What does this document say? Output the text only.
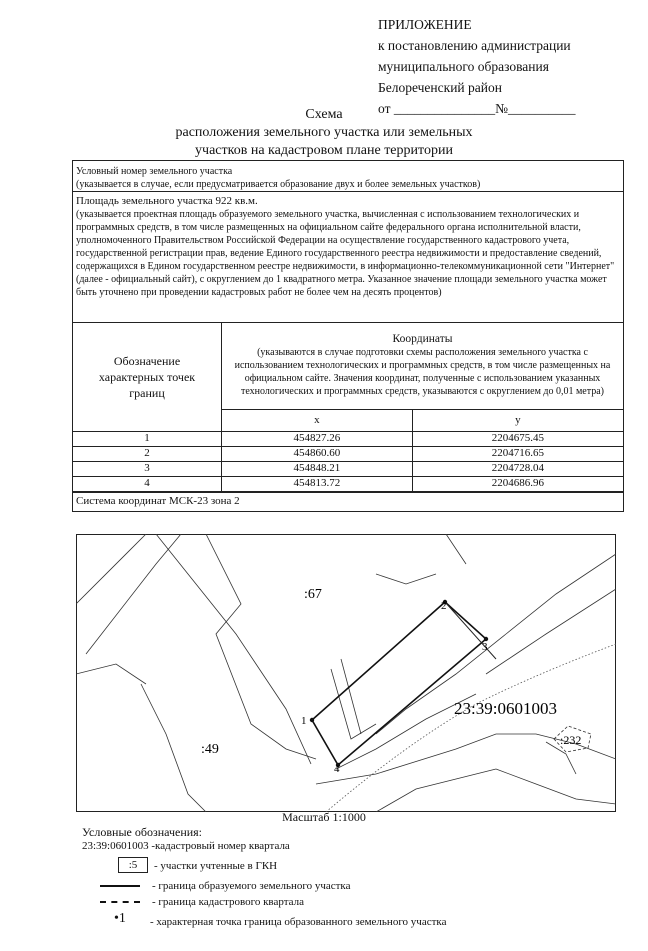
ПРИЛОЖЕНИЕ
к постановлению администрации
муниципального образования
Белореченский район
от _______________№__________
Схема
расположения земельного участка или земельных
участков на кадастровом плане территории
Условный номер земельного участка
(указывается в случае, если предусматривается образование двух и более земельных участков)
Площадь земельного участка 922 кв.м.
(указывается проектная площадь образуемого земельного участка, вычисленная с использованием технологических и программных средств, в том числе размещенных на официальном сайте федерального органа исполнительной власти, уполномоченного Правительством Российской Федерации на осуществление государственного кадастрового учета, государственной регистрации прав, ведение Единого государственного реестра недвижимости и предоставление сведений, содержащихся в Едином государственном реестре недвижимости, в информационно-телекоммуникационной сети "Интернет" (далее - официальный сайт), с округлением до 1 квадратного метра. Указанное значение площади земельного участка может быть уточнено при проведении кадастровых работ не более чем на десять процентов)
Обозначение характерных точек границ	Координаты
(указываются в случае подготовки схемы расположения земельного участка с использованием технологических и программных средств, в том числе размещенных на официальном сайте. Значения координат, полученные с использованием указанных технологических и программных средств, указываются с округлением до 0,01 метра)	

	х	у
1	454827.26	2204675.45
2	454860.60	2204716.65
3	454848.21	2204728.04
4	454813.72	2204686.96
Система координат МСК-23 зона 2
1
2
3
4
:67
:49
23:39:0601003
:232
Масштаб 1:1000
Условные обозначения:
23:39:0601003 -кадастровый номер квартала
:5	- участки учтенные в ГКН
- граница образуемого земельного участка
- граница кадастрового квартала
•1 - характерная точка граница образованного земельного участка
